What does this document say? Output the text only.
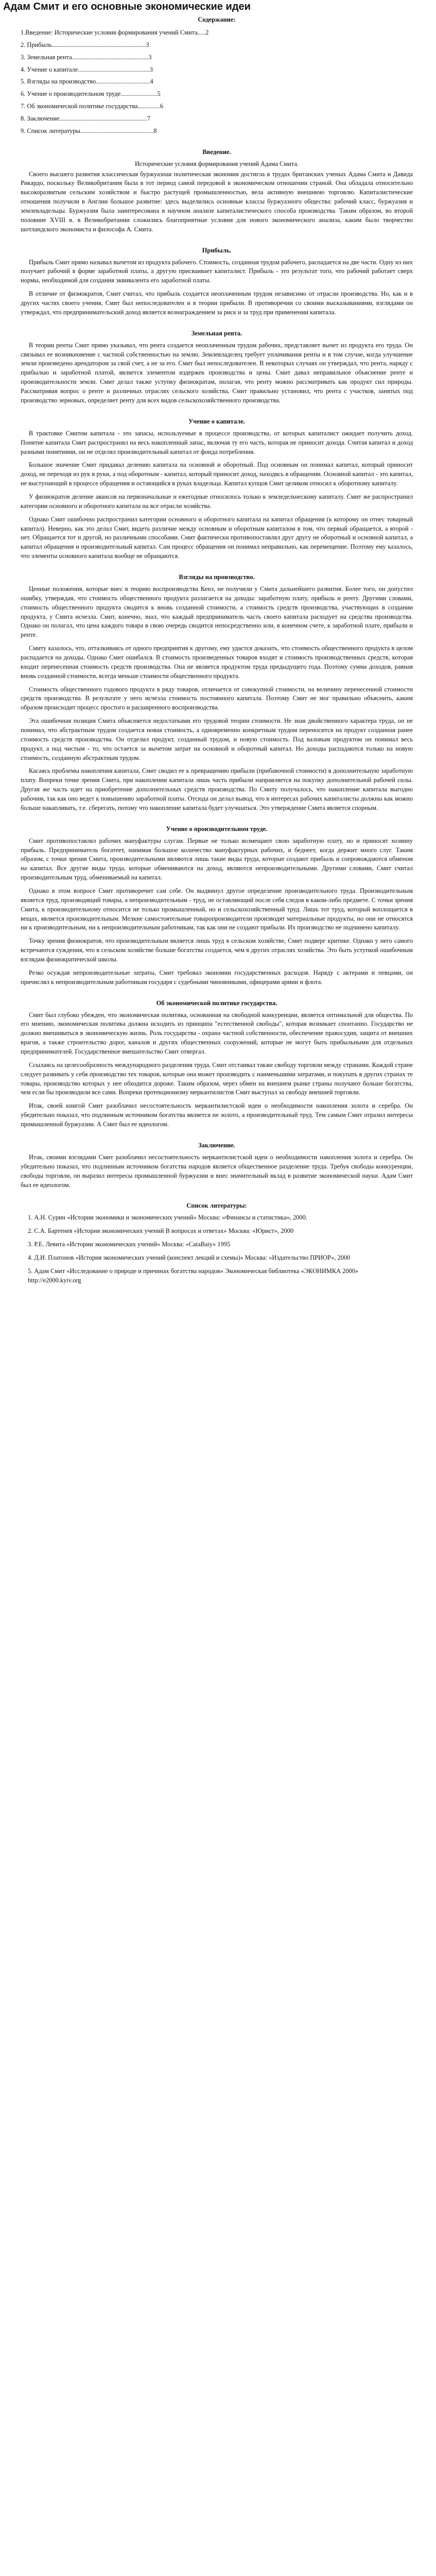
Адам Смит и его основные экономические идеи
Содержание:
1.Введение: Исторические условия формирования учений Смита.....2
2. Прибыль...........................................................3
3. Земельная рента................................................3
4. Учение о капитале.............................................3
5. Взгляды на производство..................................4
6. Учение о производительном труде.......................5
7. Об экономической политике государства..............6
8. Заключение.......................................................7
9. Список литературы..............................................8
Введение.
Исторические условия формирования учений Адама Смита.

Своего высшего развития классическая буржуазная политическая экономия достигла в трудах британских ученых Адама Смита и Давида Рикардо, поскольку Великобритания была в тот период самой передовой в экономическом отношении страной. Она обладала относительно высокоразвитым сельским хозяйством и быстро растущей промышленностью, вела активную внешнюю торговлю. Капиталистические отношения получили в Англии большое развитие: здесь выделились основные классы буржуазного общества: рабочий класс, буржуазия и землевладельцы. Буржуазия была заинтересована в научном анализе капиталистического способа производства. Таким образом, во второй половине XVIII в. в Великобритании сложились благоприятные условия для нового экономического анализа, каким было творчество шотландского экономиста и философа А. Смита.

Прибыль.

Прибыль Смит прямо называл вычетом из продукта рабочего. Стоимость, созданная трудом рабочего, распадается на две части. Одну из них получает рабочий в форме заработной платы, а другую присваивает капиталист. Прибыль - это результат того, что рабочий работает сверх нормы, необходимой для создания эквивалента его заработной платы.

В отличие от физиократов, Смит считал, что прибыль создается неоплаченным трудом независимо от отрасли производства. Но, как и в других частях своего учения, Смит был непоследователен и в теории прибыли. В противоречии со своими высказываниями, взглядами он утверждал, что предпринимательский доход является вознаграждением за риск и за труд при применении капитала.

Земельная рента.

В теории ренты Смит прямо указывал, что рента создается неоплаченным трудом рабочих, представляет вычет из продукта его труда. Он связывал ее возникновение с частной собственностью на землю. Землевладелец требует уплачивания ренты и в том случае, когда улучшение земли произведено арендатором за свой счет, а не за его. Смит был непоследователен. В некоторых случаях он утверждал, что рента, наряду с прибылью и заработной платой, является элементом издержек производства и цены. Смит давал неправильное объяснение ренте и производительности земли. Смит делал также уступку физиократам, полагая, что ренту можно рассматривать как продукт сил природы. Рассматривая вопрос о ренте и различных отраслях сельского хозяйства, Смит правильно установил, что рента с участков, занятых под производство зерновых, определяет ренту для всех видов сельскохозяйственного производства.

Учение о капитале.

В трактовке Смитом капитала - это запасы, используемые в процессе производства, от которых капиталист ожидает получить доход. Понятие капитала Смит распространял на весь накопленный запас, включая ту его часть, которая не приносит дохода. Считая капитал и доход разными понятиями, он не отделял производительный капитал от фонда потребления.

Большое значение Смит придавал делению капитала на основной и оборотный. Под основным он понимал капитал, который приносит доход, не переходя из рук в руки, а под оборотным - капитал, который приносит доход, находясь в обращении. Основной капитал - это капитал, не выступающий в процессе обращения и остающийся в руках владельца. Капитал купцов Смит целиком относил к оборотному капиталу.

У физиократов деление авансов на первоначальные и ежегодные относилось только к земледельческому капиталу. Смит же распространил категории основного и оборотного капитала на все отрасли хозяйства.

Однако Смит ошибочно распространил категории основного и оборотного капитала на капитал обращения (к которому он отнес товарный капитал). Неверно, как это делал Смит, видеть различие между основным и оборотным капиталом в том, что первый обращается, а второй - нет. Обращается тот и другой, но различными способами. Смит фактически противопоставлял друг другу не оборотный и основной капитал, а капитал обращения и производительный капитал. Сам процесс обращения он понимал неправильно, как перемещение. Поэтому ему казалось, что элементы основного капитала вообще не обращаются.

Взгляды на производство.

Ценные положения, которые внес в теорию воспроизводства Кенэ, не получили у Смита дальнейшего развития. Более того, он допустил ошибку, утверждая, что стоимость общественного продукта разлагается на доходы: заработную плату, прибыль и ренту. Другими словами, стоимость общественного продукта сводится к вновь созданной стоимости, а стоимость средств производства, участвующих в создании продукта, у Смита исчезла. Смит, конечно, знал, что каждый предприниматель часть своего капитала расходует на средства производства. Однако он полагал, что цена каждого товара в свою очередь сводится непосредственно или, в конечном счете, к заработной плате, прибыли и ренте.

Смиту казалось, что, отталкиваясь от одного предприятия к другому, ему удастся доказать, что стоимость общественного продукта в целом распадается на доходы. Однако Смит ошибался. В стоимость произведенных товаров входят и стоимость производственных средств, которая входит перенесенная стоимость средств производства. Она не является продуктом труда предыдущего года. Поэтому сумма доходов, равная вновь созданной стоимости, всегда меньше стоимости общественного продукта.

Стоимость общественного годового продукта в ряду товаров, отличается от совокупной стоимости, на величину перенесенной стоимости средств производства. В результате у него исчезла стоимость постоянного капитала. Поэтому Смит не мог правильно объяснить, каким образом происходит процесс простого и расширенного воспроизводства.

Эта ошибочная позиция Смита объясняется недостатками его трудовой теории стоимости. Не зная двойственного характера труда, он не понимал, что абстрактным трудом создается новая стоимость, а одновременно конкретным трудом переносится на продукт созданная ранее стоимость средств производства. Он отделил продукт, созданный трудом, и новую стоимость. Под валовым продуктом он понимал весь продукт, а под чистым - то, что остается за вычетом затрат на основной и оборотный капитал. Но доходы распадаются только на новую стоимость, созданную абстрактным трудом.

Касаясь проблемы накопления капитала, Смит сводил ее к превращению прибыли (прибавочной стоимости) в дополнительную заработную плату. Вопреки точке зрения Смита, при накоплении капитала лишь часть прибыли направляется на покупку дополнительной рабочей силы. Другая же часть идет на приобретение дополнительных средств производства. По Смиту получалось, что накопление капитала выгодно рабочим, так как оно ведет к повышению заработной платы. Отсюда он делал вывод, что в интересах рабочих капиталисты должны как можно больше накапливать, т.е. сберегать, потому что накопление капитала будет улучшаться. Это утверждение Смита является спорным.

Учение о производительном труде.

Смит противопоставлял рабочих мануфактуры слугам. Первые не только возмещают свою заработную плату, но и приносят хозяину прибыль. Предприниматель богатеет, нанимая большое количество мануфактурных рабочих, и беднеет, когда держит много слуг. Таким образом, с точки зрения Смита, производительными являются лишь такие виды труда, которые создают прибыль и сопровождаются обменом на капитал. Все другие виды труда, которые обмениваются на доход, являются непроизводительными. Другими словами, Смит считал производительным труд, обмениваемый на капитал.

Однако в этом вопросе Смит противоречит сам себе. Он выдвинул другое определение производительного труда. Производительным является труд, производящий товары, а непроизводительным - труд, не оставляющий после себя следов в каком-либо предмете. С точки зрения Смита, к производительному относится не только промышленный, но и сельскохозяйственный труд. Лишь тот труд, который воплощается в вещах, является производительным. Мелкие самостоятельные товаропроизводители производят материальные продукты, но они не относятся ни к производительным, ни к непроизводительным работникам, так как они не создают прибыли. Их производство не подчинено капиталу.

Точку зрения физиократов, что производительным является лишь труд в сельском хозяйстве, Смит подверг критике. Однако у него самого встречаются суждения, что в сельском хозяйстве больше богатства создается, чем в других отраслях хозяйства. Это быть уступкой ошибочным взглядам физиократической школы.

Резко осуждая непроизводительные затраты, Смит требовал экономии государственных расходов. Наряду с актерами и певцами, он причислял к непроизводительным работникам государя с судебными чиновниками, офицерами армии и флота.

Об экономической политике государства.

Смит был глубоко убежден, что экономическая политика, основанная на свободной конкуренции, является оптимальной для общества. По его мнению, экономическая политика должна исходить из принципа "естественной свободы", которая возникает спонтанно. Государство не должно вмешиваться в экономическую жизнь. Роль государства - охрана частной собственности, обеспечение правосудия, защита от внешних врагов, а также строительство дорог, каналов и других общественных сооружений, которые не могут быть прибыльными для отдельных предпринимателей. Государственное вмешательство Смит отвергал.

Ссылаясь на целесообразность международного разделения труда, Смит отстаивал также свободу торговли между странами. Каждой стране следует развивать у себя производство тех товаров, которые она может производить с наименьшими затратами, и покупать в других странах те товары, производство которых у нее обходится дороже. Таким образом, через обмен на внешнем рынке страны получают больше богатства, чем если бы производили все сами. Вопреки протекционизму меркантилистов Смит выступал за свободу внешней торговли.

Итак, своей книгой Смит разоблачил несостоятельность меркантилистской идеи о необходимости накопления золота и серебра. Он убедительно показал, что подлинным источником богатства является не золото, а производительный труд. Тем самым Смит отразил интересы промышленной буржуазии. А Смит был ее идеологом.

Заключение.

Итак, своими взглядами Смит разоблачил несостоятельность меркантилистской идеи о необходимости накопления золота и серебра. Он убедительно показал, что подлинным источником богатства народов является общественное разделение труда. Требуя свободы конкуренции, свободы торговли, он выразил интересы промышленной буржуазии и внес значительный вклад в развитие экономической науки. Адам Смит был ее идеологом.

Список литературы:
1. А.Н. Сурин «Истории экономики и экономических учений» Москва: «Финансы и статистика», 2000.
2. С.А. Бартенев «История экономических учений В вопросах и ответах» Москва: «Юрист», 2000
3. Р.Е. Левита «Истории экономических учений» Москва: «CataBaiy» 1995
4. Д.И. Платонов «История экономических учений (конспект лекций и схемы)» Москва: «Издательство ПРИОР», 2000
5. Адам Смит «Исследование о природе и причинах богатства народов» Экономическая библиотека «ЭКОНИМКА 2000» http://e2000.kyiv.org
